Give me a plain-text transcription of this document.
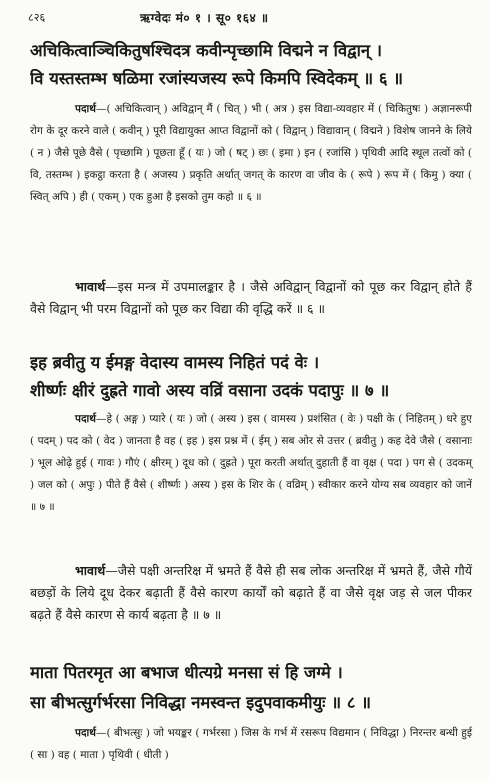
८२६	ऋग्वेदः मं० १ । सू० १६४ ॥
अचिकित्वाञ्चिकितुषश्चिदत्र कवीन्पृच्छामि विद्मने न विद्वान् ।
वि यस्तस्तम्भ षळिमा रजांस्यजस्य रूपे किमपि स्विदेकम् ॥ ६ ॥
पदार्थ—( अचिकित्वान् ) अविद्वान् मैं ( चित् ) भी ( अत्र ) इस विद्या-व्यवहार में ( चिकितुषः ) अज्ञानरूपी रोग के दूर करने वाले ( कवीन् ) पूरी विद्यायुक्त आप्त विद्वानों को ( विद्वान् ) विद्यावान् ( विद्मने ) विशेष जानने के लिये ( न ) जैसे पूछे वैसे ( पृच्छामि ) पूछता हूँ ( यः ) जो ( षट् ) छः ( इमा ) इन ( रजांसि ) पृथिवी आदि स्थूल तत्वों को ( वि, तस्तम्भ ) इकट्ठा करता है ( अजस्य ) प्रकृति अर्थात् जगत् के कारण वा जीव के ( रूपे ) रूप में ( किमु ) क्या ( स्वित् अपि ) ही ( एकम् ) एक हुआ है इसको तुम कहो ॥ ६ ॥
भावार्थ—इस मन्त्र में उपमालङ्कार है । जैसे अविद्वान् विद्वानों को पूछ कर विद्वान् होते हैं वैसे विद्वान् भी परम विद्वानों को पूछ कर विद्या की वृद्धि करें ॥ ६ ॥
इह ब्रवीतु य ईमङ्ग वेदास्य वामस्य निहितं पदं वेः ।
शीर्ष्णः क्षीरं दुह्रते गावो अस्य वव्रिं वसाना उदकं पदापुः ॥ ७ ॥
पदार्थ—हे ( अङ्ग ) प्यारे ( यः ) जो ( अस्य ) इस ( वामस्य ) प्रशंसित ( वेः ) पक्षी के ( निहितम् ) धरे हुए ( पदम् ) पद को ( वेद ) जानता है वह ( इह ) इस प्रश्न में ( ईम् ) सब ओर से उत्तर ( ब्रवीतु ) कह देवे जैसे ( वसानाः ) भूल ओढ़े हुई ( गावः ) गौएं ( क्षीरम् ) दूध को ( दुह्रते ) पूरा करती अर्थात् दुहाती हैं वा वृक्ष ( पदा ) पग से ( उदकम् ) जल को ( अपुः ) पीते हैं वैसे ( शीर्ष्णः ) अस्य ) इस के शिर के ( वव्रिम् ) स्वीकार करने योग्य सब व्यवहार को जानें ॥ ७ ॥
भावार्थ—जैसे पक्षी अन्तरिक्ष में भ्रमते हैं वैसे ही सब लोक अन्तरिक्ष में भ्रमते हैं, जैसे गौयें बछड़ों के लिये दूध देकर बढ़ाती हैं वैसे कारण कार्यों को बढ़ाते हैं वा जैसे वृक्ष जड़ से जल पीकर बढ़ते हैं वैसे कारण से कार्य बढ़ता है ॥ ७ ॥
माता पितरमृत आ बभाज धीत्यग्रे मनसा सं हि जग्मे ।
सा बीभत्सुर्गर्भरसा निविद्धा नमस्वन्त इदुपवाकमीयुः ॥ ८ ॥
पदार्थ—( बीभत्सुः ) जो भयङ्कर ( गर्भरसा ) जिस के गर्भ में रसरूप विद्यमान ( निविद्धा ) निरन्तर बन्धी हुई ( सा ) वह ( माता ) पृथिवी ( धीती )
